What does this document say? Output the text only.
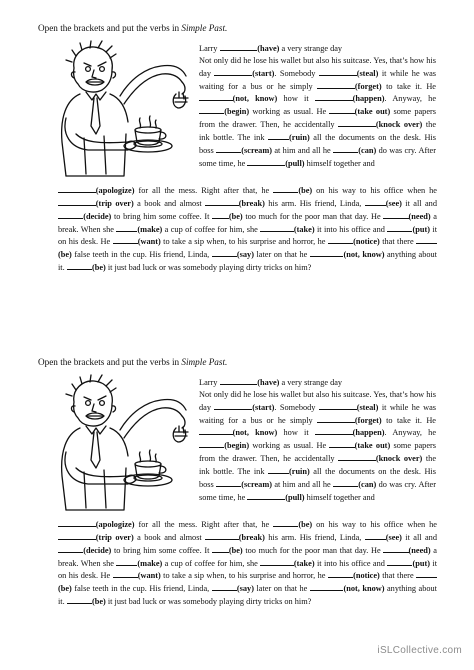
Open the brackets and put the verbs in Simple Past.

Larry	(have) a very strange day

Not only did he lose his wallet but also his suitcase. Yes, that’s how his day	(start). Somebody	(steal) it while he was waiting for a bus or he simply	(forget) to take it. He (not, know) how it	(happen). Anyway, he (begin) working as usual. He	(take out) some papers from the drawer. Then, he accidentally	(knock over) the ink bottle. The ink	(ruin) all the documents on the desk. His boss	(scream) at him and all he	(can) do was cry. After some time, he	(pull) himself together and

(apologize) for all the mess. Right after that, he	(be) on his way to his office when he (trip over) a book and almost	(break) his arm. His friend, Linda,	(see) it all and (decide) to bring him some coffee. It (be) too much for the poor man that day. He	(need) a break. When she	(make) a cup of coffee for him, she	(take) it into his office and	(put) it on his desk. He	(want) to take a sip when, to his surprise and horror, he	(notice) that there (be) false teeth in the cup. His friend, Linda,	(say) later on that he	(not, know) anything about it.	(be) it just bad luck or was somebody playing dirty tricks on him?

Open the brackets and put the verbs in Simple Past.

Larry	(have) a very strange day

Not only did he lose his wallet but also his suitcase. Yes, that’s how his day	(start). Somebody	(steal) it while he was waiting for a bus or he simply	(forget) to take it. He (not, know) how it	(happen). Anyway, he (begin) working as usual. He	(take out) some papers from the drawer. Then, he accidentally	(knock over) the ink bottle. The ink	(ruin) all the documents on the desk. His boss	(scream) at him and all he	(can) do was cry. After some time, he	(pull) himself together and

(apologize) for all the mess. Right after that, he	(be) on his way to his office when he (trip over) a book and almost	(break) his arm. His friend, Linda,	(see) it all and (decide) to bring him some coffee. It (be) too much for the poor man that day. He	(need) a break. When she	(make) a cup of coffee for him, she	(take) it into his office and	(put) it on his desk. He	(want) to take a sip when, to his surprise and horror, he	(notice) that there (be) false teeth in the cup. His friend, Linda,	(say) later on that he	(not, know) anything about it.	(be) it just bad luck or was somebody playing dirty tricks on him?

iSLCollective.com
